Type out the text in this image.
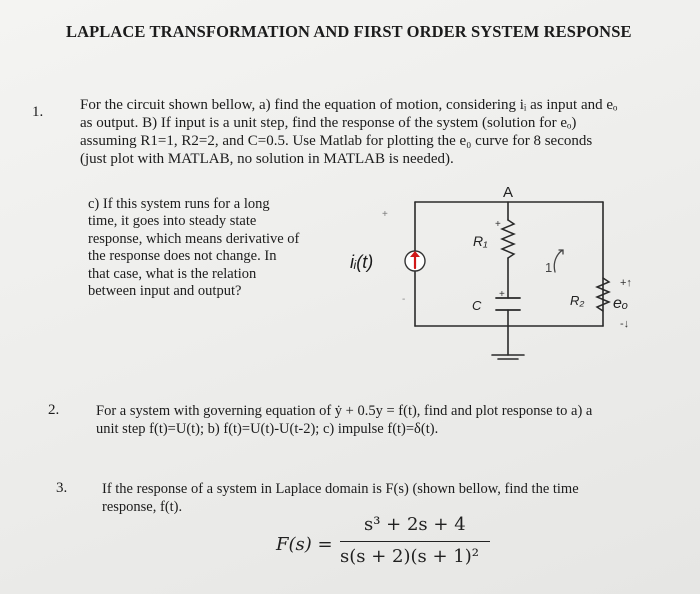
LAPLACE TRANSFORMATION AND FIRST ORDER SYSTEM RESPONSE
1. For the circuit shown bellow, a) find the equation of motion, considering iᵢ as input and eₒ
as output. B) If input is a unit step, find the response of the system (solution for eₒ)
assuming R1=1, R2=2, and C=0.5. Use Matlab for plotting the e₀ curve for 8 seconds
(just plot with MATLAB, no solution in MATLAB is needed).
c) If this system runs for a long
time, it goes into steady state
response, which means derivative of
the response does not change. In
that case, what is the relation
between input and output?
A
iᵢ(t)
R₁
C	R₂ eₒ
1
+
+
+
+↑
-↓
-
2.	For a system with governing equation of ẏ + 0.5y = f(t), find and plot response to a) a
unit step f(t)=U(t); b) f(t)=U(t)-U(t-2); c) impulse f(t)=δ(t).
3. If the response of a system in Laplace domain is F(s) (shown bellow, find the time
response, f(t).
F(s) =
s³ + 2s + 4
s(s + 2)(s + 1)²
